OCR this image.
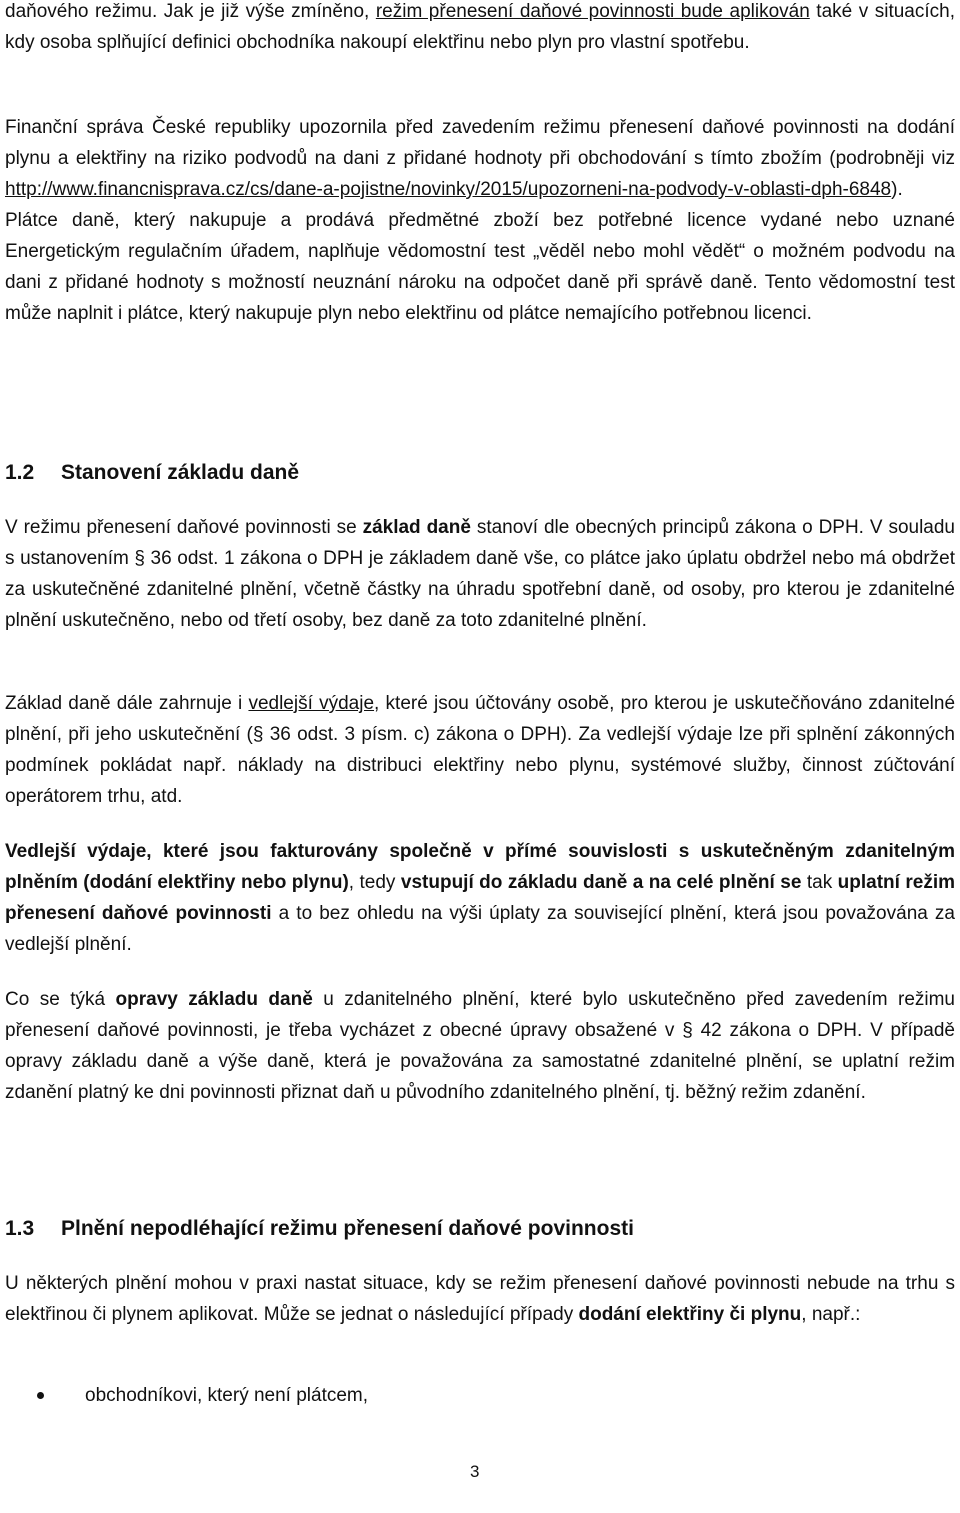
daňového režimu. Jak je již výše zmíněno, režim přenesení daňové povinnosti bude aplikován také v situacích, kdy osoba splňující definici obchodníka nakoupí elektřinu nebo plyn pro vlastní spotřebu.

Finanční správa České republiky upozornila před zavedením režimu přenesení daňové povinnosti na dodání plynu a elektřiny na riziko podvodů na dani z přidané hodnoty při obchodování s tímto zbožím (podrobněji viz http://www.financnisprava.cz/cs/dane-a-pojistne/novinky/2015/upozorneni-na-podvody-v-oblasti-dph-6848). Plátce daně, který nakupuje a prodává předmětné zboží bez potřebné licence vydané nebo uznané Energetickým regulačním úřadem, naplňuje vědomostní test „věděl nebo mohl vědět“ o možném podvodu na dani z přidané hodnoty s možností neuznání nároku na odpočet daně při správě daně. Tento vědomostní test může naplnit i plátce, který nakupuje plyn nebo elektřinu od plátce nemajícího potřebnou licenci.

1.2 Stanovení základu daně

V režimu přenesení daňové povinnosti se základ daně stanoví dle obecných principů zákona o DPH. V souladu s ustanovením § 36 odst. 1 zákona o DPH je základem daně vše, co plátce jako úplatu obdržel nebo má obdržet za uskutečněné zdanitelné plnění, včetně částky na úhradu spotřební daně, od osoby, pro kterou je zdanitelné plnění uskutečněno, nebo od třetí osoby, bez daně za toto zdanitelné plnění.

Základ daně dále zahrnuje i vedlejší výdaje, které jsou účtovány osobě, pro kterou je uskutečňováno zdanitelné plnění, při jeho uskutečnění (§ 36 odst. 3 písm. c) zákona o DPH). Za vedlejší výdaje lze při splnění zákonných podmínek pokládat např. náklady na distribuci elektřiny nebo plynu, systémové služby, činnost zúčtování operátorem trhu, atd.

Vedlejší výdaje, které jsou fakturovány společně v přímé souvislosti s uskutečněným zdanitelným plněním (dodání elektřiny nebo plynu), tedy vstupují do základu daně a na celé plnění se tak uplatní režim přenesení daňové povinnosti a to bez ohledu na výši úplaty za související plnění, která jsou považována za vedlejší plnění.

Co se týká opravy základu daně u zdanitelného plnění, které bylo uskutečněno před zavedením režimu přenesení daňové povinnosti, je třeba vycházet z obecné úpravy obsažené v § 42 zákona o DPH. V případě opravy základu daně a výše daně, která je považována za samostatné zdanitelné plnění, se uplatní režim zdanění platný ke dni povinnosti přiznat daň u původního zdanitelného plnění, tj. běžný režim zdanění.

1.3 Plnění nepodléhající režimu přenesení daňové povinnosti

U některých plnění mohou v praxi nastat situace, kdy se režim přenesení daňové povinnosti nebude na trhu s elektřinou či plynem aplikovat. Může se jednat o následující případy dodání elektřiny či plynu, např.:

obchodníkovi, který není plátcem,
3
